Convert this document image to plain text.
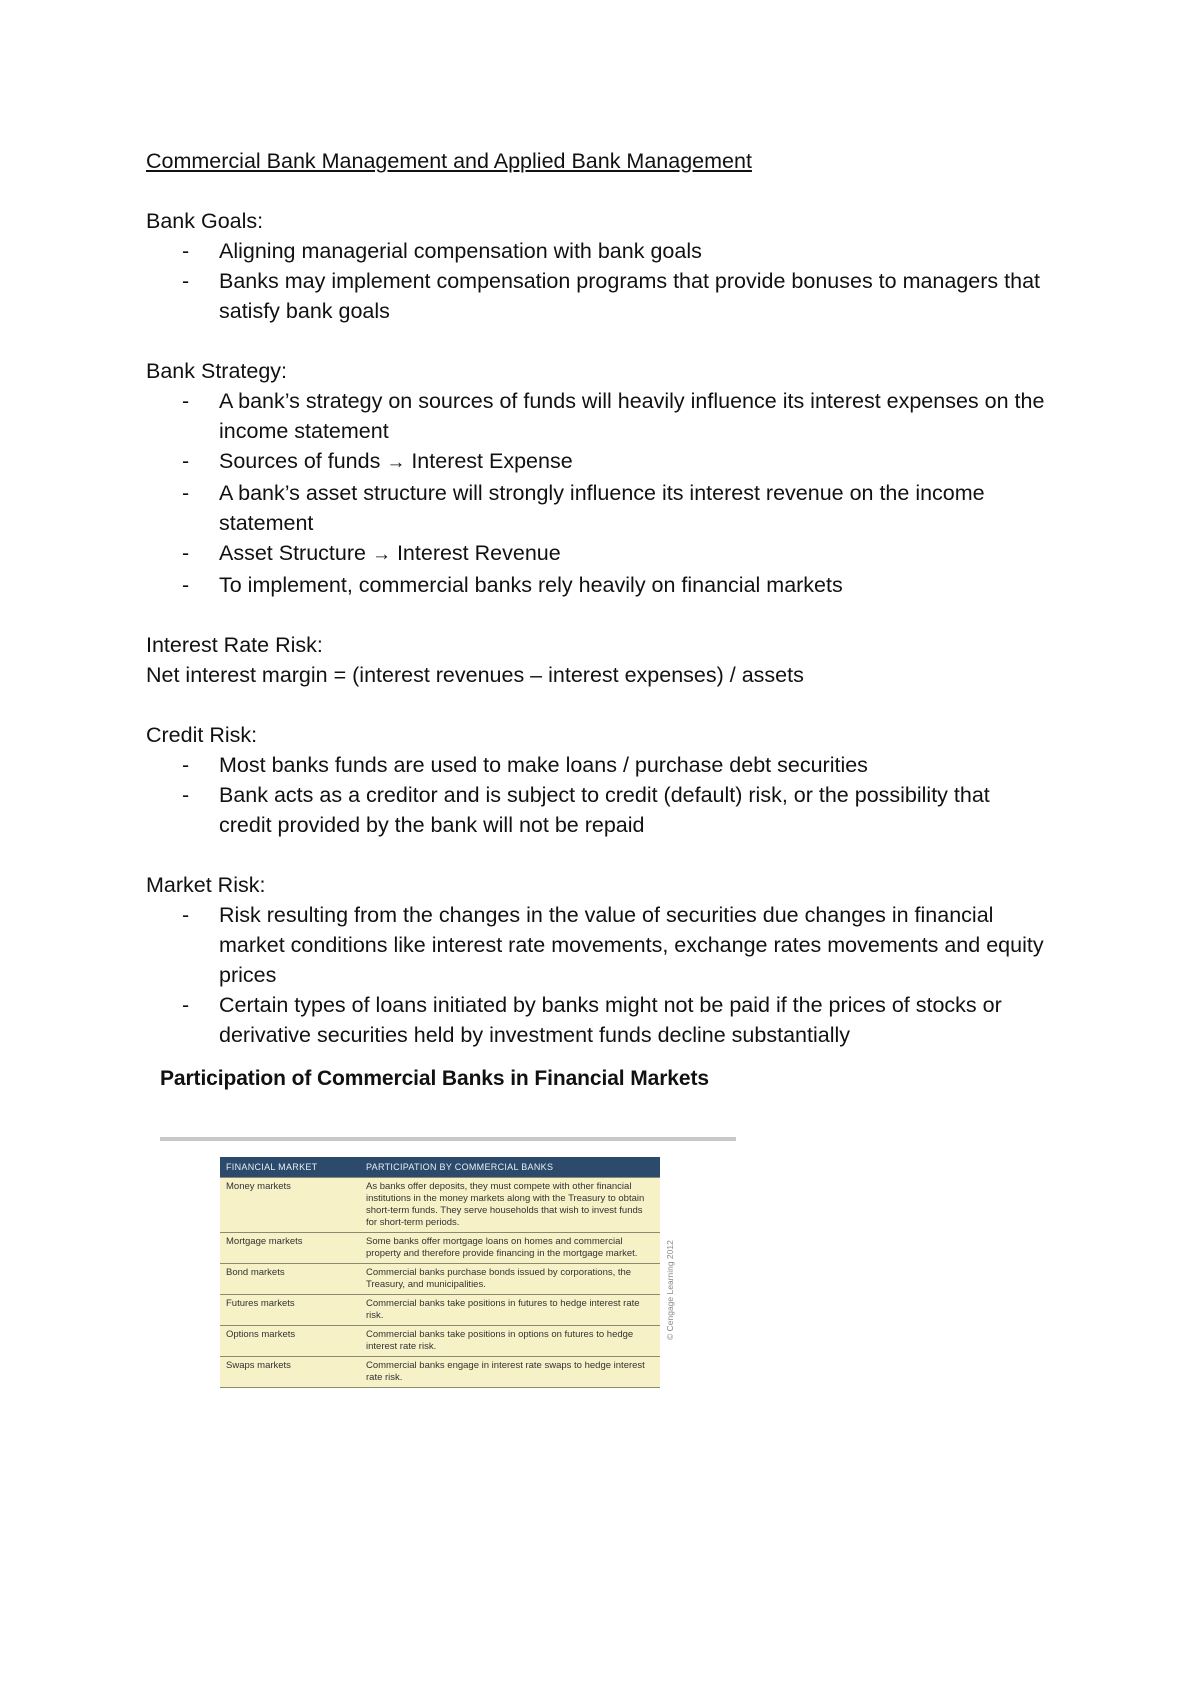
Commercial Bank Management and Applied Bank Management
Bank Goals:
- Aligning managerial compensation with bank goals
- Banks may implement compensation programs that provide bonuses to managers that satisfy bank goals
Bank Strategy:
- A bank’s strategy on sources of funds will heavily influence its interest expenses on the income statement
- Sources of funds → Interest Expense
- A bank’s asset structure will strongly influence its interest revenue on the income statement
- Asset Structure → Interest Revenue
- To implement, commercial banks rely heavily on financial markets
Interest Rate Risk:

Net interest margin = (interest revenues – interest expenses) / assets

Credit Risk:
- Most banks funds are used to make loans / purchase debt securities
- Bank acts as a creditor and is subject to credit (default) risk, or the possibility that credit provided by the bank will not be repaid
Market Risk:
- Risk resulting from the changes in the value of securities due changes in financial market conditions like interest rate movements, exchange rates movements and equity prices
- Certain types of loans initiated by banks might not be paid if the prices of stocks or derivative securities held by investment funds decline substantially
Participation of Commercial Banks in Financial Markets
FINANCIAL MARKET	PARTICIPATION BY COMMERCIAL BANKS
Money markets	As banks offer deposits, they must compete with other financial institutions in the money markets along with the Treasury to obtain short-term funds. They serve households that wish to invest funds for short-term periods.
Mortgage markets	Some banks offer mortgage loans on homes and commercial property and therefore provide financing in the mortgage market.
Bond markets	Commercial banks purchase bonds issued by corporations, the Treasury, and municipalities.
Futures markets	Commercial banks take positions in futures to hedge interest rate risk.
Options markets	Commercial banks take positions in options on futures to hedge interest rate risk.
Swaps markets	Commercial banks engage in interest rate swaps to hedge interest rate risk.
© Cengage Learning 2012
